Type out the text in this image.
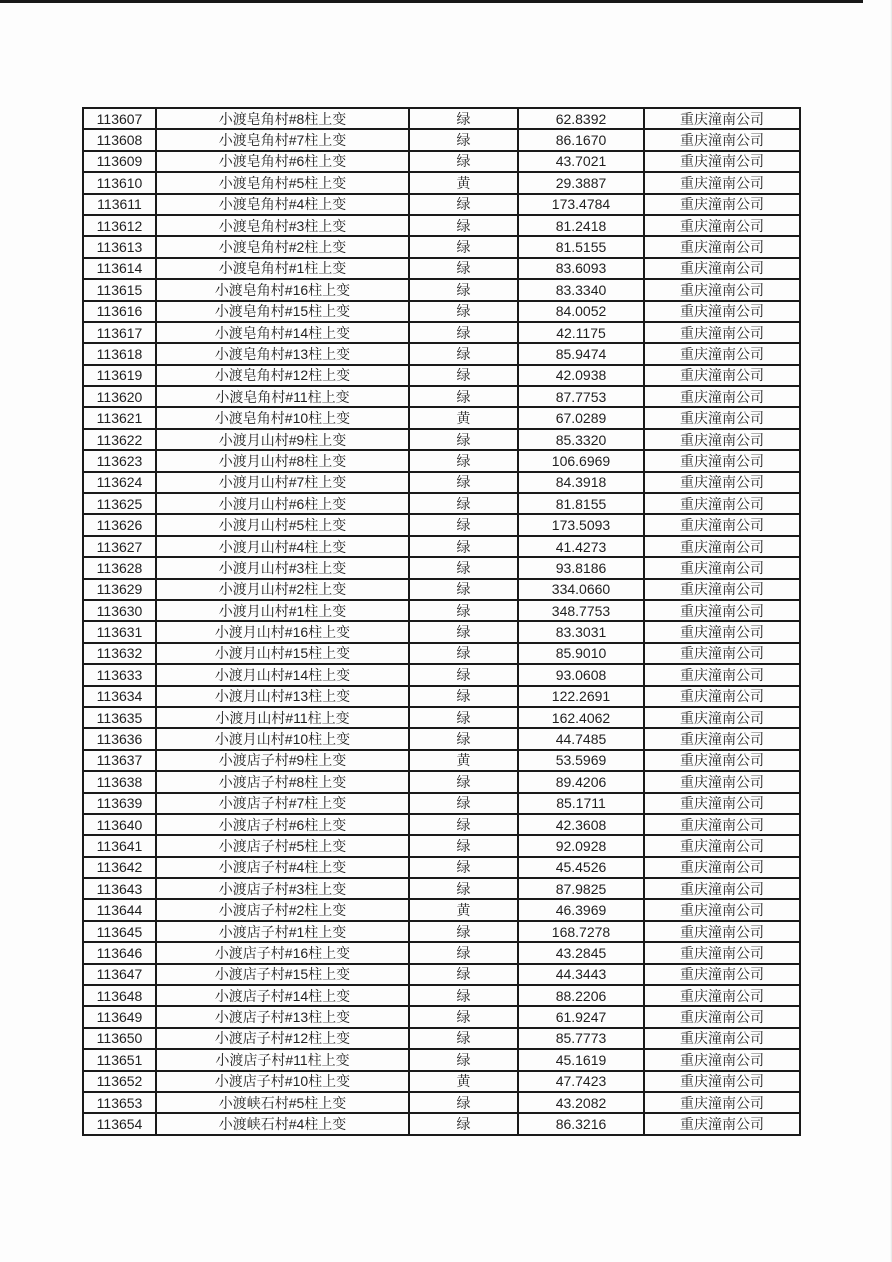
113607	小渡皂角村#8柱上变	绿	62.8392	重庆潼南公司
113608	小渡皂角村#7柱上变	绿	86.1670	重庆潼南公司
113609	小渡皂角村#6柱上变	绿	43.7021	重庆潼南公司
113610	小渡皂角村#5柱上变	黄	29.3887	重庆潼南公司
113611	小渡皂角村#4柱上变	绿	173.4784	重庆潼南公司
113612	小渡皂角村#3柱上变	绿	81.2418	重庆潼南公司
113613	小渡皂角村#2柱上变	绿	81.5155	重庆潼南公司
113614	小渡皂角村#1柱上变	绿	83.6093	重庆潼南公司
113615	小渡皂角村#16柱上变	绿	83.3340	重庆潼南公司
113616	小渡皂角村#15柱上变	绿	84.0052	重庆潼南公司
113617	小渡皂角村#14柱上变	绿	42.1175	重庆潼南公司
113618	小渡皂角村#13柱上变	绿	85.9474	重庆潼南公司
113619	小渡皂角村#12柱上变	绿	42.0938	重庆潼南公司
113620	小渡皂角村#11柱上变	绿	87.7753	重庆潼南公司
113621	小渡皂角村#10柱上变	黄	67.0289	重庆潼南公司
113622	小渡月山村#9柱上变	绿	85.3320	重庆潼南公司
113623	小渡月山村#8柱上变	绿	106.6969	重庆潼南公司
113624	小渡月山村#7柱上变	绿	84.3918	重庆潼南公司
113625	小渡月山村#6柱上变	绿	81.8155	重庆潼南公司
113626	小渡月山村#5柱上变	绿	173.5093	重庆潼南公司
113627	小渡月山村#4柱上变	绿	41.4273	重庆潼南公司
113628	小渡月山村#3柱上变	绿	93.8186	重庆潼南公司
113629	小渡月山村#2柱上变	绿	334.0660	重庆潼南公司
113630	小渡月山村#1柱上变	绿	348.7753	重庆潼南公司
113631	小渡月山村#16柱上变	绿	83.3031	重庆潼南公司
113632	小渡月山村#15柱上变	绿	85.9010	重庆潼南公司
113633	小渡月山村#14柱上变	绿	93.0608	重庆潼南公司
113634	小渡月山村#13柱上变	绿	122.2691	重庆潼南公司
113635	小渡月山村#11柱上变	绿	162.4062	重庆潼南公司
113636	小渡月山村#10柱上变	绿	44.7485	重庆潼南公司
113637	小渡店子村#9柱上变	黄	53.5969	重庆潼南公司
113638	小渡店子村#8柱上变	绿	89.4206	重庆潼南公司
113639	小渡店子村#7柱上变	绿	85.1711	重庆潼南公司
113640	小渡店子村#6柱上变	绿	42.3608	重庆潼南公司
113641	小渡店子村#5柱上变	绿	92.0928	重庆潼南公司
113642	小渡店子村#4柱上变	绿	45.4526	重庆潼南公司
113643	小渡店子村#3柱上变	绿	87.9825	重庆潼南公司
113644	小渡店子村#2柱上变	黄	46.3969	重庆潼南公司
113645	小渡店子村#1柱上变	绿	168.7278	重庆潼南公司
113646	小渡店子村#16柱上变	绿	43.2845	重庆潼南公司
113647	小渡店子村#15柱上变	绿	44.3443	重庆潼南公司
113648	小渡店子村#14柱上变	绿	88.2206	重庆潼南公司
113649	小渡店子村#13柱上变	绿	61.9247	重庆潼南公司
113650	小渡店子村#12柱上变	绿	85.7773	重庆潼南公司
113651	小渡店子村#11柱上变	绿	45.1619	重庆潼南公司
113652	小渡店子村#10柱上变	黄	47.7423	重庆潼南公司
113653	小渡峡石村#5柱上变	绿	43.2082	重庆潼南公司
113654	小渡峡石村#4柱上变	绿	86.3216	重庆潼南公司
